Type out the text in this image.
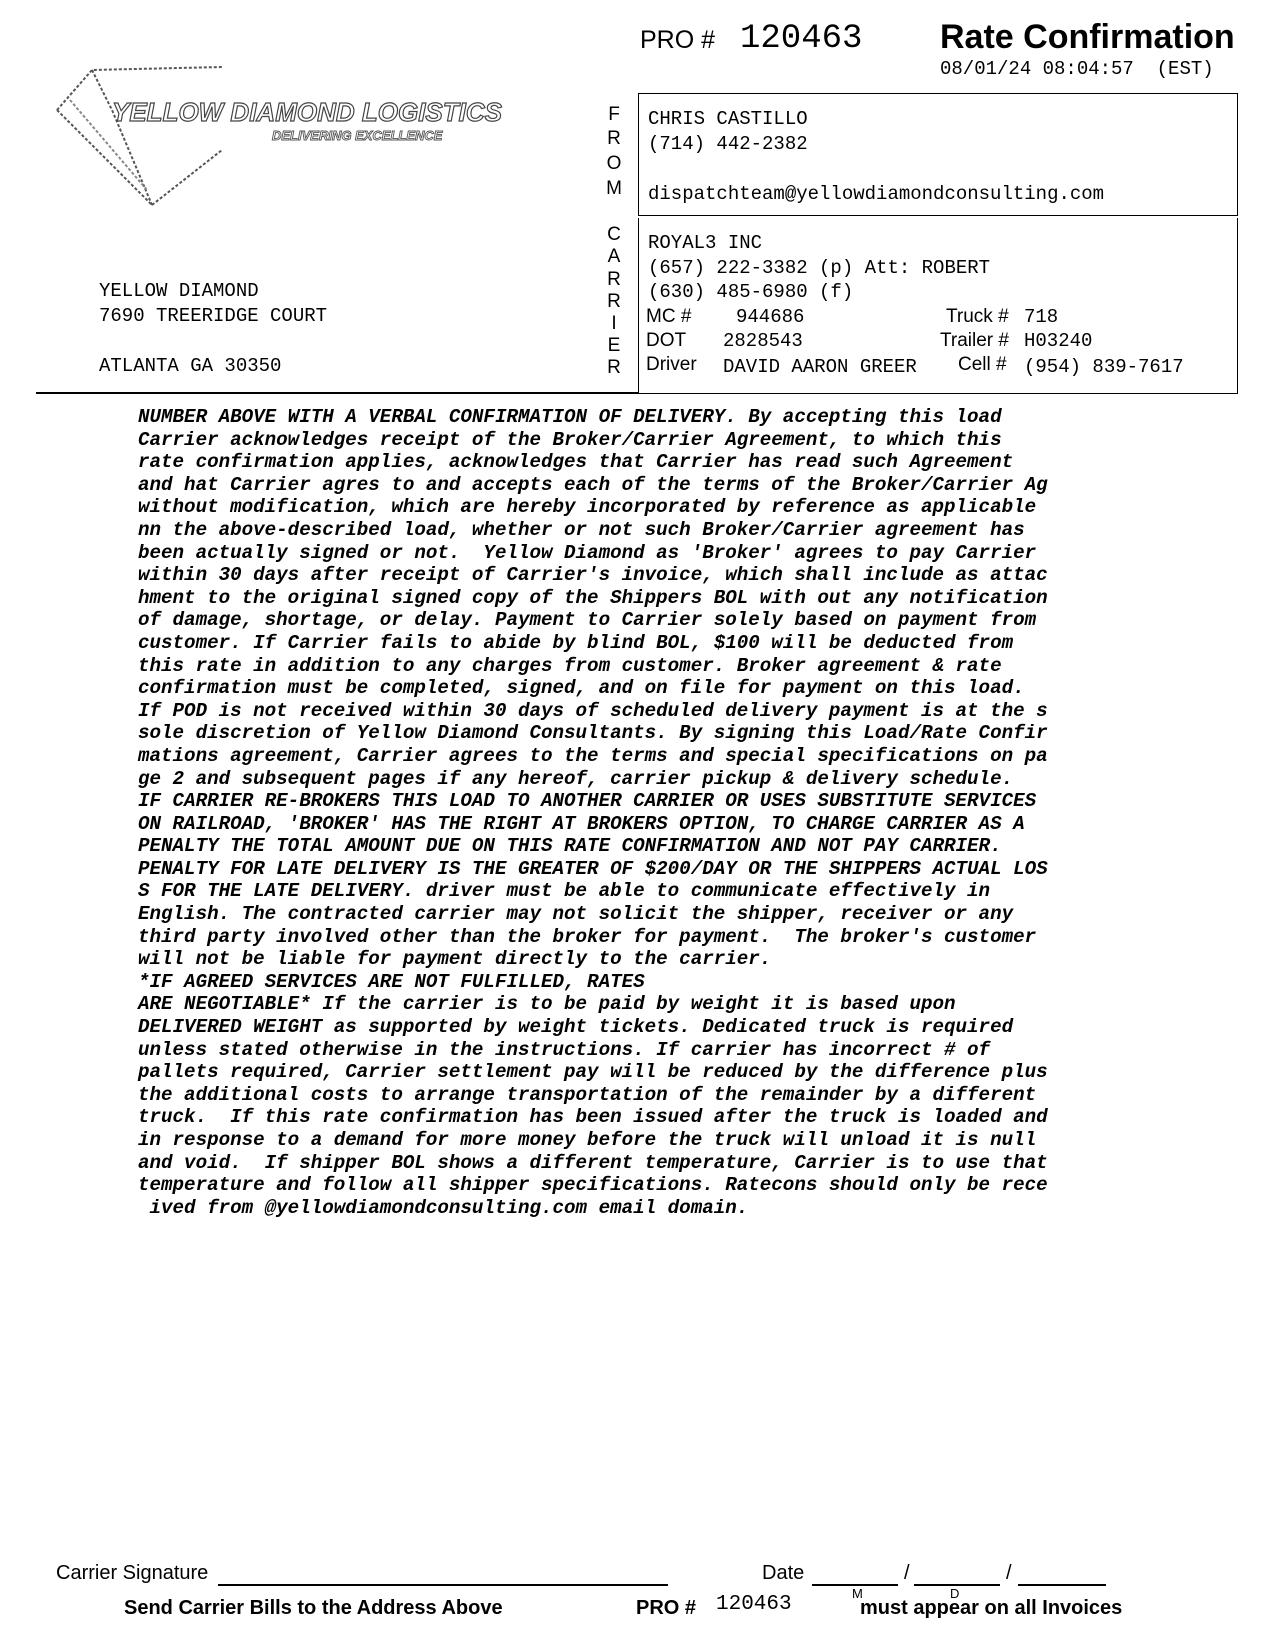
PRO # 120463 Rate Confirmation
08/01/24 08:04:57  (EST)
YELLOW DIAMOND LOGISTICS
DELIVERING EXCELLENCE
YELLOW DIAMOND
7690 TREERIDGE COURT
ATLANTA GA 30350
F
R
O
M
C
A
R
R
I
E
R
CHRIS CASTILLO
(714) 442-2382
dispatchteam@yellowdiamondconsulting.com
ROYAL3 INC
(657) 222-3382 (p) Att: ROBERT
(630) 485-6980 (f)
MC # 944686	Truck # 718
DOT 2828543	Trailer # H03240
Driver DAVID AARON GREER Cell # (954) 839-7617
NUMBER ABOVE WITH A VERBAL CONFIRMATION OF DELIVERY. By accepting this load
Carrier acknowledges receipt of the Broker/Carrier Agreement, to which this
rate confirmation applies, acknowledges that Carrier has read such Agreement
and hat Carrier agres to and accepts each of the terms of the Broker/Carrier Ag
without modification, which are hereby incorporated by reference as applicable
nn the above-described load, whether or not such Broker/Carrier agreement has
been actually signed or not.  Yellow Diamond as 'Broker' agrees to pay Carrier
within 30 days after receipt of Carrier's invoice, which shall include as attac
hment to the original signed copy of the Shippers BOL with out any notification
of damage, shortage, or delay. Payment to Carrier solely based on payment from
customer. If Carrier fails to abide by blind BOL, $100 will be deducted from
this rate in addition to any charges from customer. Broker agreement & rate
confirmation must be completed, signed, and on file for payment on this load.
If POD is not received within 30 days of scheduled delivery payment is at the s
sole discretion of Yellow Diamond Consultants. By signing this Load/Rate Confir
mations agreement, Carrier agrees to the terms and special specifications on pa
ge 2 and subsequent pages if any hereof, carrier pickup & delivery schedule.
IF CARRIER RE-BROKERS THIS LOAD TO ANOTHER CARRIER OR USES SUBSTITUTE SERVICES
ON RAILROAD, 'BROKER' HAS THE RIGHT AT BROKERS OPTION, TO CHARGE CARRIER AS A
PENALTY THE TOTAL AMOUNT DUE ON THIS RATE CONFIRMATION AND NOT PAY CARRIER.
PENALTY FOR LATE DELIVERY IS THE GREATER OF $200/DAY OR THE SHIPPERS ACTUAL LOS
S FOR THE LATE DELIVERY. driver must be able to communicate effectively in
English. The contracted carrier may not solicit the shipper, receiver or any
third party involved other than the broker for payment.  The broker's customer
will not be liable for payment directly to the carrier.
*IF AGREED SERVICES ARE NOT FULFILLED, RATES
ARE NEGOTIABLE* If the carrier is to be paid by weight it is based upon
DELIVERED WEIGHT as supported by weight tickets. Dedicated truck is required
unless stated otherwise in the instructions. If carrier has incorrect # of
pallets required, Carrier settlement pay will be reduced by the difference plus
the additional costs to arrange transportation of the remainder by a different
truck.  If this rate confirmation has been issued after the truck is loaded and
in response to a demand for more money before the truck will unload it is null
and void.  If shipper BOL shows a different temperature, Carrier is to use that
temperature and follow all shipper specifications. Ratecons should only be rece
ived from @yellowdiamondconsulting.com email domain.
Carrier Signature	Date	/	/
M	D
Send Carrier Bills to the Address Above	PRO # 120463	must appear on all Invoices
